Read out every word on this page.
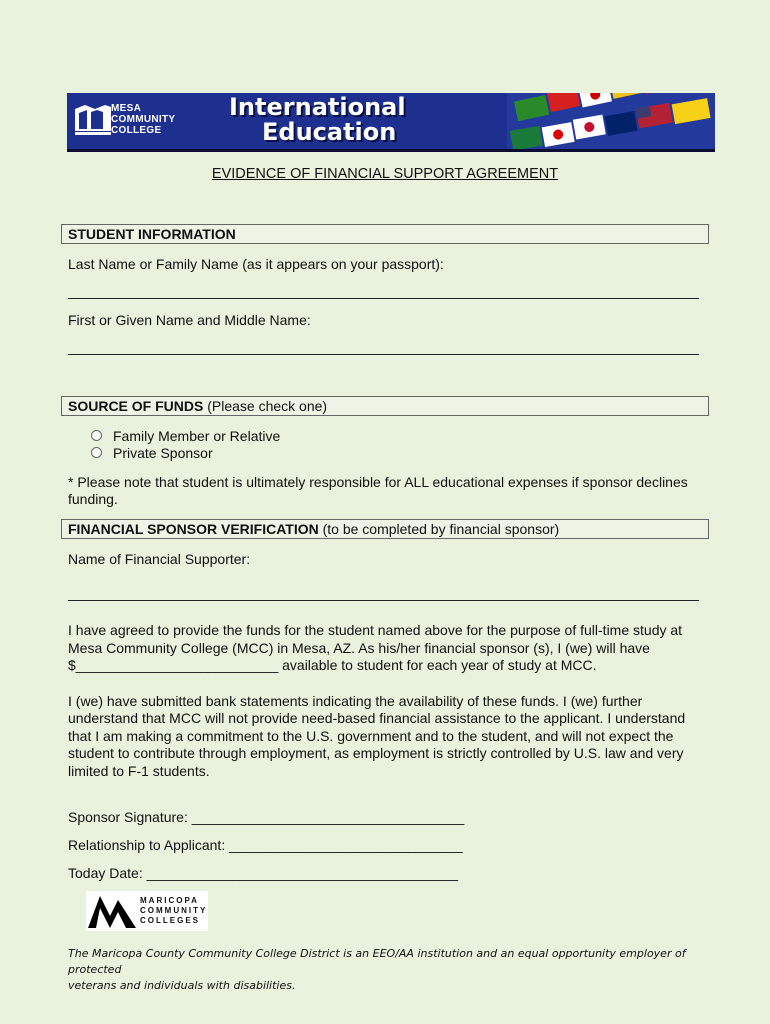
MESA
COMMUNITY
COLLEGE
International
Education
EVIDENCE OF FINANCIAL SUPPORT AGREEMENT
STUDENT INFORMATION
Last Name or Family Name (as it appears on your passport):
First or Given Name and Middle Name:
SOURCE OF FUNDS (Please check one)
Family Member or Relative
Private Sponsor
* Please note that student is ultimately responsible for ALL educational expenses if sponsor declines
funding.
FINANCIAL SPONSOR VERIFICATION (to be completed by financial sponsor)
Name of Financial Supporter:
I have agreed to provide the funds for the student named above for the purpose of full-time study at
Mesa Community College (MCC) in Mesa, AZ. As his/her financial sponsor (s), I (we) will have
$__________________________ available to student for each year of study at MCC.
I (we) have submitted bank statements indicating the availability of these funds. I (we) further
understand that MCC will not provide need-based financial assistance to the applicant. I understand
that I am making a commitment to the U.S. government and to the student, and will not expect the
student to contribute through employment, as employment is strictly controlled by U.S. law and very
limited to F-1 students.
Sponsor Signature: ___________________________________
Relationship to Applicant: ______________________________
Today Date: ________________________________________
MARICOPA
COMMUNITY
COLLEGES
The Maricopa County Community College District is an EEO/AA institution and an equal opportunity employer of protected
veterans and individuals with disabilities.
